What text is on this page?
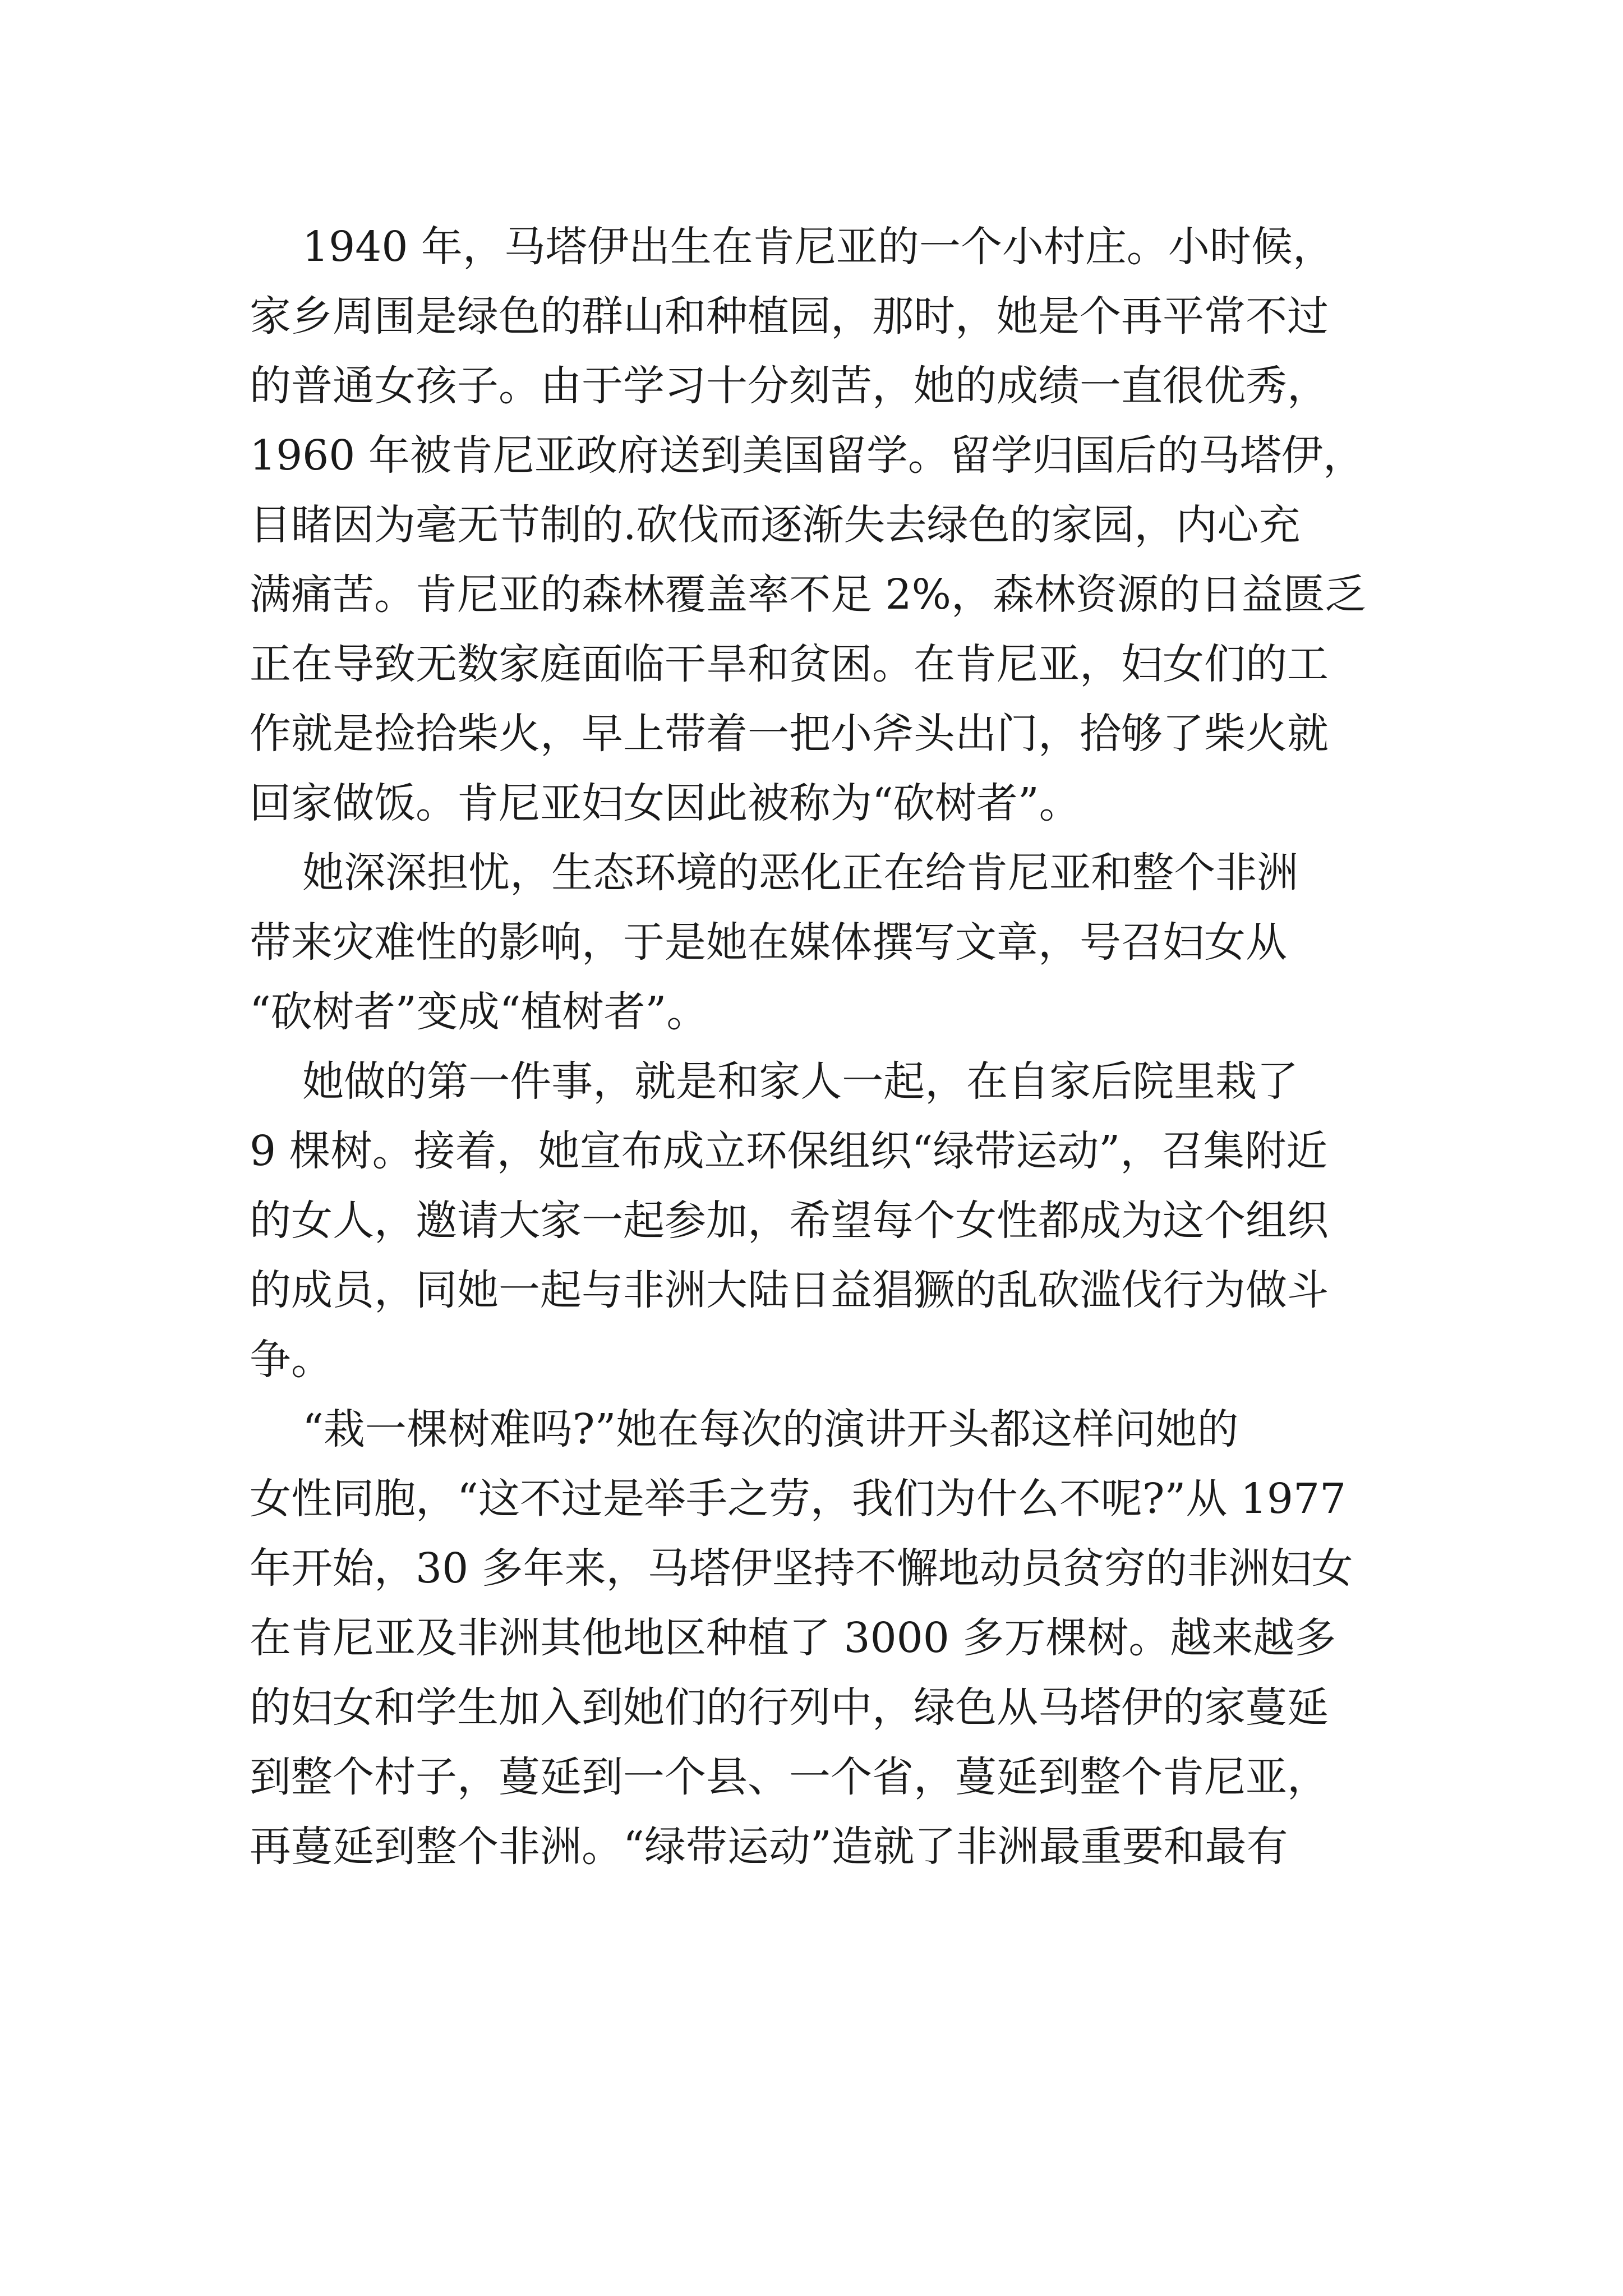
1940 年，马塔伊出生在肯尼亚的一个小村庄。小时候，
家乡周围是绿色的群山和种植园，那时，她是个再平常不过
的普通女孩子。由于学习十分刻苦，她的成绩一直很优秀，
1960 年被肯尼亚政府送到美国留学。留学归国后的马塔伊，
目睹因为毫无节制的.砍伐而逐渐失去绿色的家园，内心充
满痛苦。肯尼亚的森林覆盖率不足 2%，森林资源的日益匮乏
正在导致无数家庭面临干旱和贫困。在肯尼亚，妇女们的工
作就是捡拾柴火，早上带着一把小斧头出门，拾够了柴火就
回家做饭。肯尼亚妇女因此被称为“砍树者”。
她深深担忧，生态环境的恶化正在给肯尼亚和整个非洲
带来灾难性的影响，于是她在媒体撰写文章，号召妇女从
“砍树者”变成“植树者”。
她做的第一件事，就是和家人一起，在自家后院里栽了
9 棵树。接着，她宣布成立环保组织“绿带运动”，召集附近
的女人，邀请大家一起参加，希望每个女性都成为这个组织
的成员，同她一起与非洲大陆日益猖獗的乱砍滥伐行为做斗
争。
“栽一棵树难吗?”她在每次的演讲开头都这样问她的
女性同胞，“这不过是举手之劳，我们为什么不呢?”从 1977
年开始，30 多年来，马塔伊坚持不懈地动员贫穷的非洲妇女
在肯尼亚及非洲其他地区种植了 3000 多万棵树。越来越多
的妇女和学生加入到她们的行列中，绿色从马塔伊的家蔓延
到整个村子，蔓延到一个县、一个省，蔓延到整个肯尼亚，
再蔓延到整个非洲。“绿带运动”造就了非洲最重要和最有
